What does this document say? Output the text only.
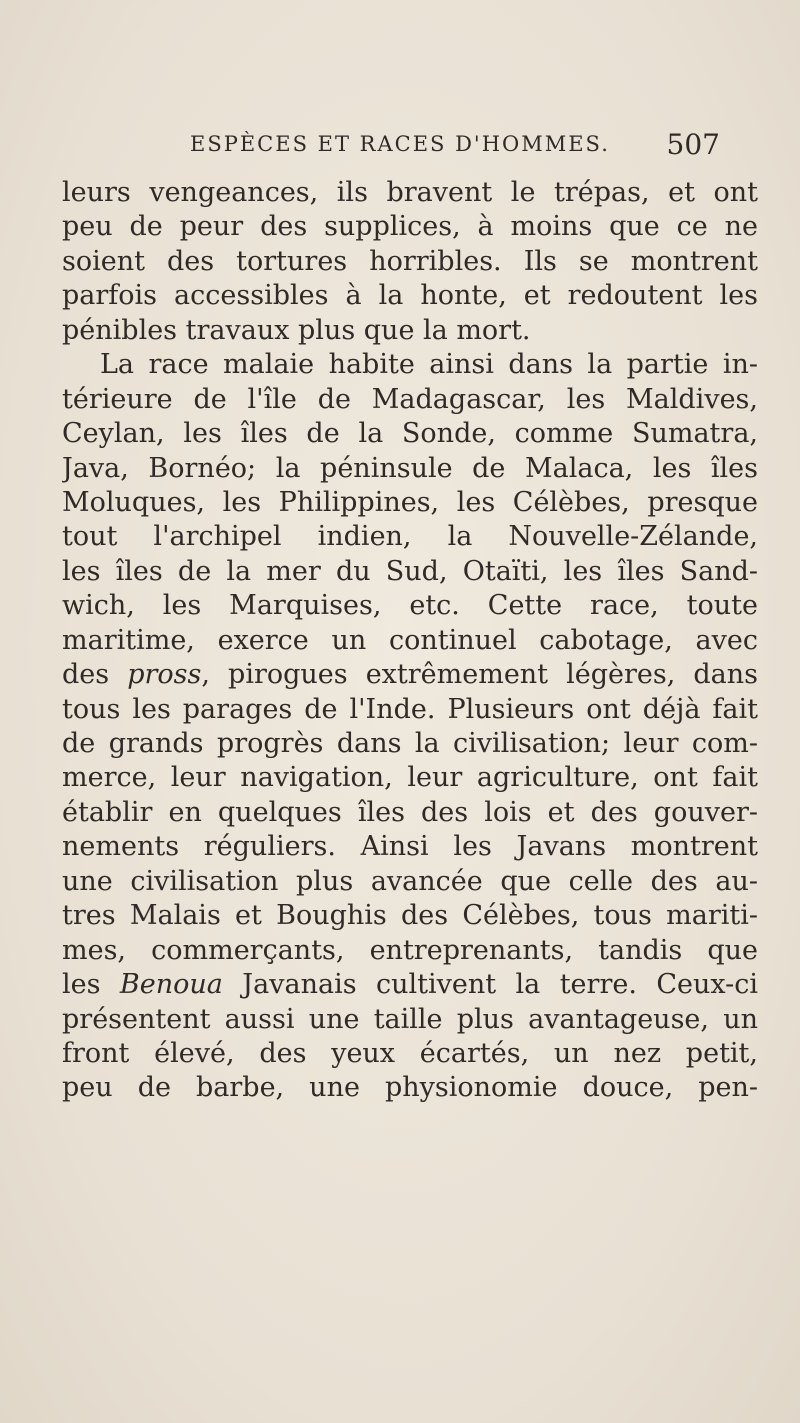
ESPÈCES ET RACES D'HOMMES. 507
leurs vengeances, ils bravent le trépas, et ont
peu de peur des supplices, à moins que ce ne
soient des tortures horribles. Ils se montrent
parfois accessibles à la honte, et redoutent les
pénibles travaux plus que la mort.
La race malaie habite ainsi dans la partie in-
térieure de l'île de Madagascar, les Maldives,
Ceylan, les îles de la Sonde, comme Sumatra,
Java, Bornéo; la péninsule de Malaca, les îles
Moluques, les Philippines, les Célèbes, presque
tout l'archipel indien, la Nouvelle-Zélande,
les îles de la mer du Sud, Otaïti, les îles Sand-
wich, les Marquises, etc. Cette race, toute
maritime, exerce un continuel cabotage, avec
des pross, pirogues extrêmement légères, dans
tous les parages de l'Inde. Plusieurs ont déjà fait
de grands progrès dans la civilisation; leur com-
merce, leur navigation, leur agriculture, ont fait
établir en quelques îles des lois et des gouver-
nements réguliers. Ainsi les Javans montrent
une civilisation plus avancée que celle des au-
tres Malais et Boughis des Célèbes, tous mariti-
mes, commerçants, entreprenants, tandis que
les Benoua Javanais cultivent la terre. Ceux-ci
présentent aussi une taille plus avantageuse, un
front élevé, des yeux écartés, un nez petit,
peu de barbe, une physionomie douce, pen-
